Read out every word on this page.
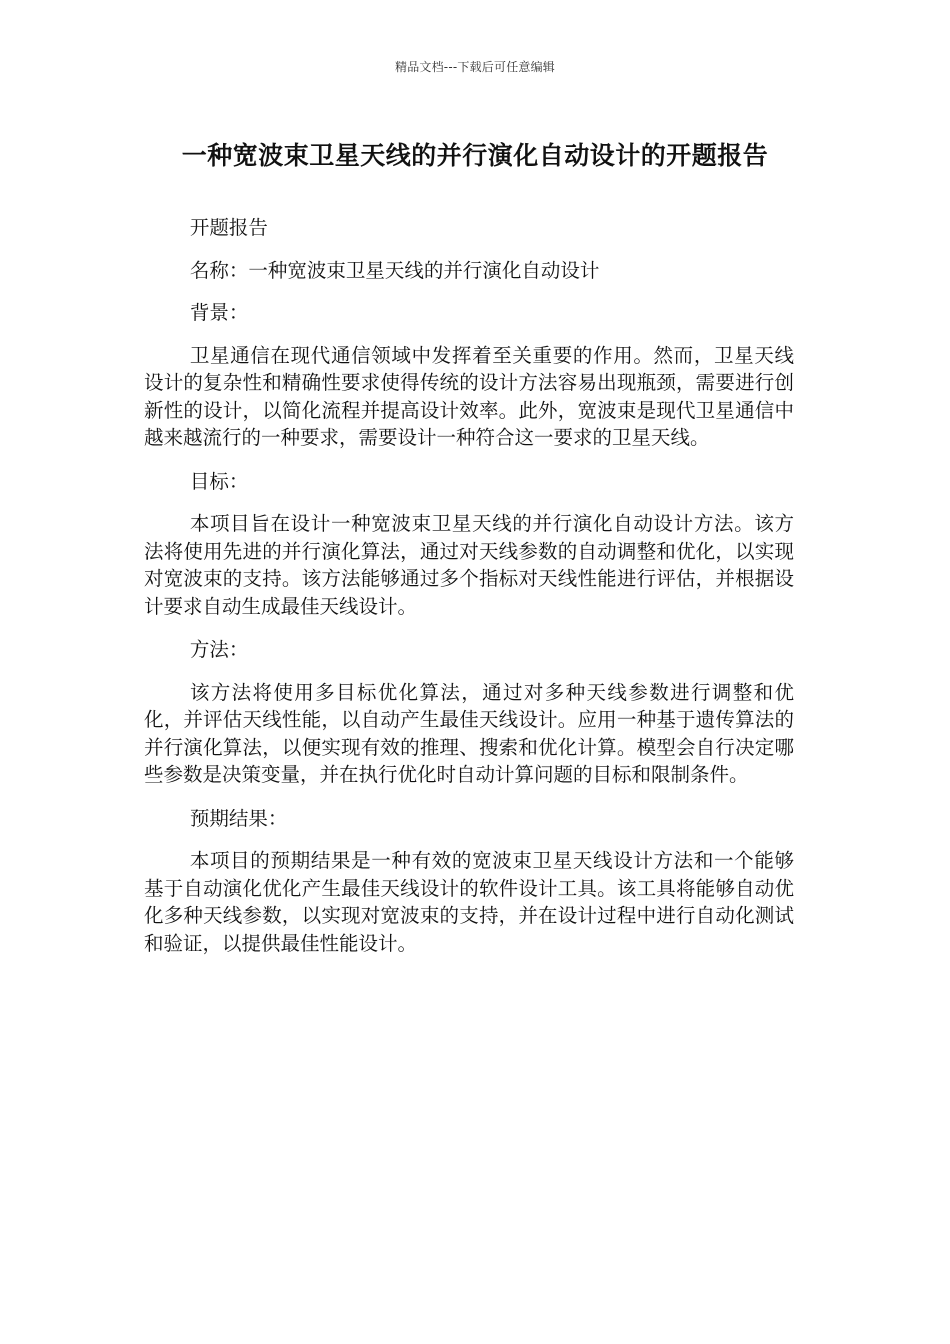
精品文档---下载后可任意编辑
一种宽波束卫星天线的并行演化自动设计的开题报告

开题报告

名称：一种宽波束卫星天线的并行演化自动设计

背景：

卫星通信在现代通信领域中发挥着至关重要的作用。然而，卫星天线设计的复杂性和精确性要求使得传统的设计方法容易出现瓶颈，需要进行创新性的设计，以简化流程并提高设计效率。此外，宽波束是现代卫星通信中越来越流行的一种要求，需要设计一种符合这一要求的卫星天线。

目标：

本项目旨在设计一种宽波束卫星天线的并行演化自动设计方法。该方法将使用先进的并行演化算法，通过对天线参数的自动调整和优化，以实现对宽波束的支持。该方法能够通过多个指标对天线性能进行评估，并根据设计要求自动生成最佳天线设计。

方法：

该方法将使用多目标优化算法，通过对多种天线参数进行调整和优化，并评估天线性能，以自动产生最佳天线设计。应用一种基于遗传算法的并行演化算法，以便实现有效的推理、搜索和优化计算。模型会自行决定哪些参数是决策变量，并在执行优化时自动计算问题的目标和限制条件。

预期结果：

本项目的预期结果是一种有效的宽波束卫星天线设计方法和一个能够基于自动演化优化产生最佳天线设计的软件设计工具。该工具将能够自动优化多种天线参数，以实现对宽波束的支持，并在设计过程中进行自动化测试和验证，以提供最佳性能设计。
